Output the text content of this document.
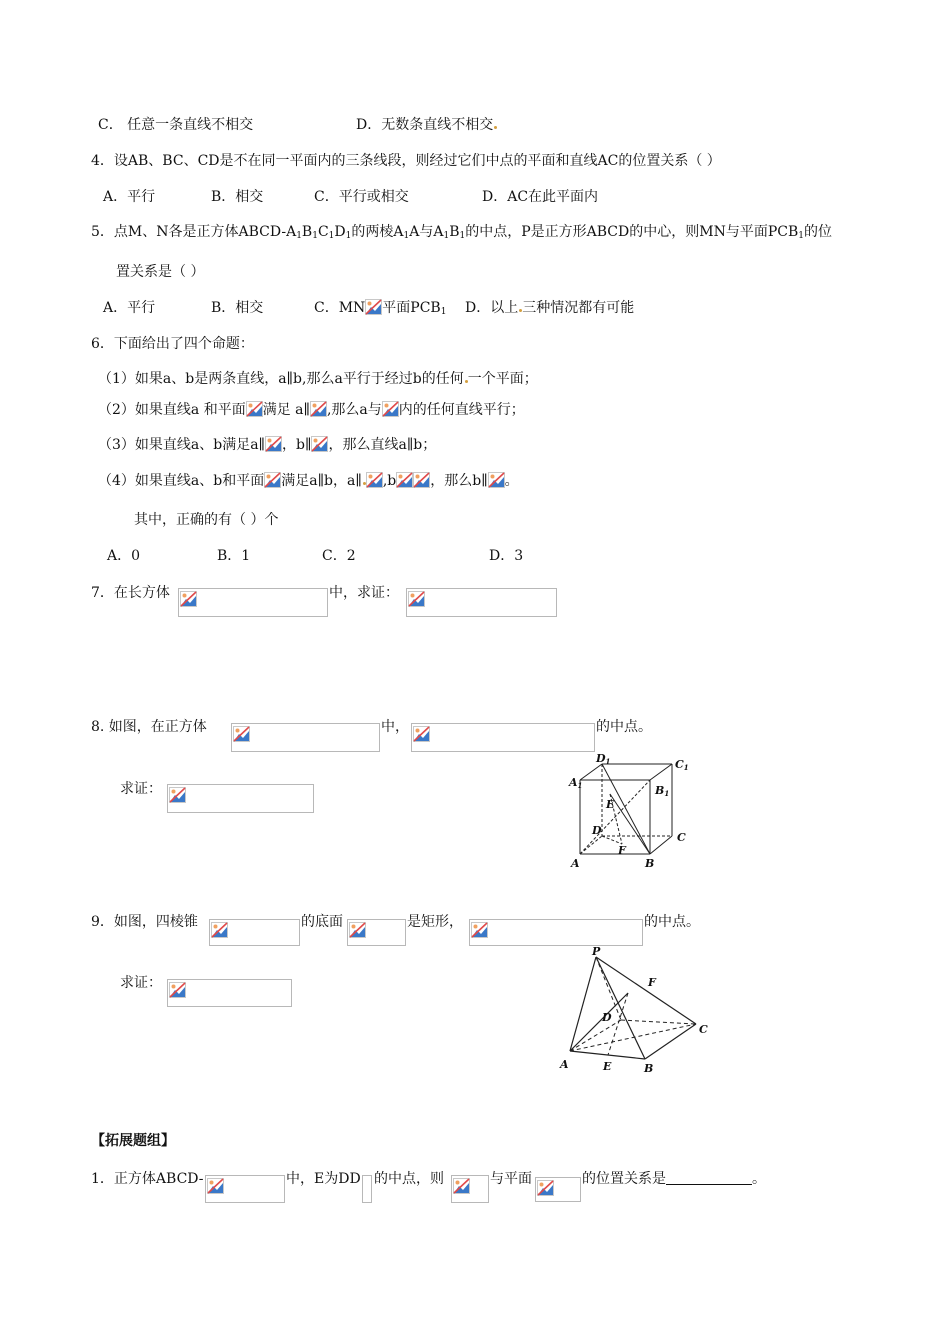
C． 任意一条直线不相交	D．无数条直线不相交
4．设AB、BC、CD是不在同一平面内的三条线段，则经过它们中点的平面和直线AC的位置关系（ ）
A．平行	B．相交	C．平行或相交	D．AC在此平面内
5．点M、N各是正方体ABCD-$A_1B_1C_1D_1$的两棱$A_1A$与$A_1B_1$的中点，P是正方形ABCD的中心，则MN与平面$PCB_1$的位
置关系是（ ）
A．平行	B．相交	C．MN 平面$PCB_1$ D．以上 三种情况都有可能
6．下面给出了四个命题：
（1）如果a、b是两条直线，a∥b,那么a平行于经过b的任何 一个平面；
（2）如果直线a 和平面 满足 a∥ ,那么a与 内的任何直线平行；
（3）如果直线a、b满足a∥ ，b∥ ，那么直线a∥b；
（4）如果直线a、b和平面 满足a∥b，a∥ ,b ，那么b∥ 。
其中，正确的有（ ）个
A．0	B．1	C．2	D．3
7．在长方体	中，求证：
8. 如图，在正方体	中，	的中点。
求证：	A1
D1	C1
B1
E
D
C
F
A	B
9．如图，四棱锥	的底面	是矩形，	的中点。
求证：
P
F
D
C
A	E	B
【拓展题组】
1．正方体ABCD-	中，E为DD 的中点，则	与平面	的位置关系是	。
